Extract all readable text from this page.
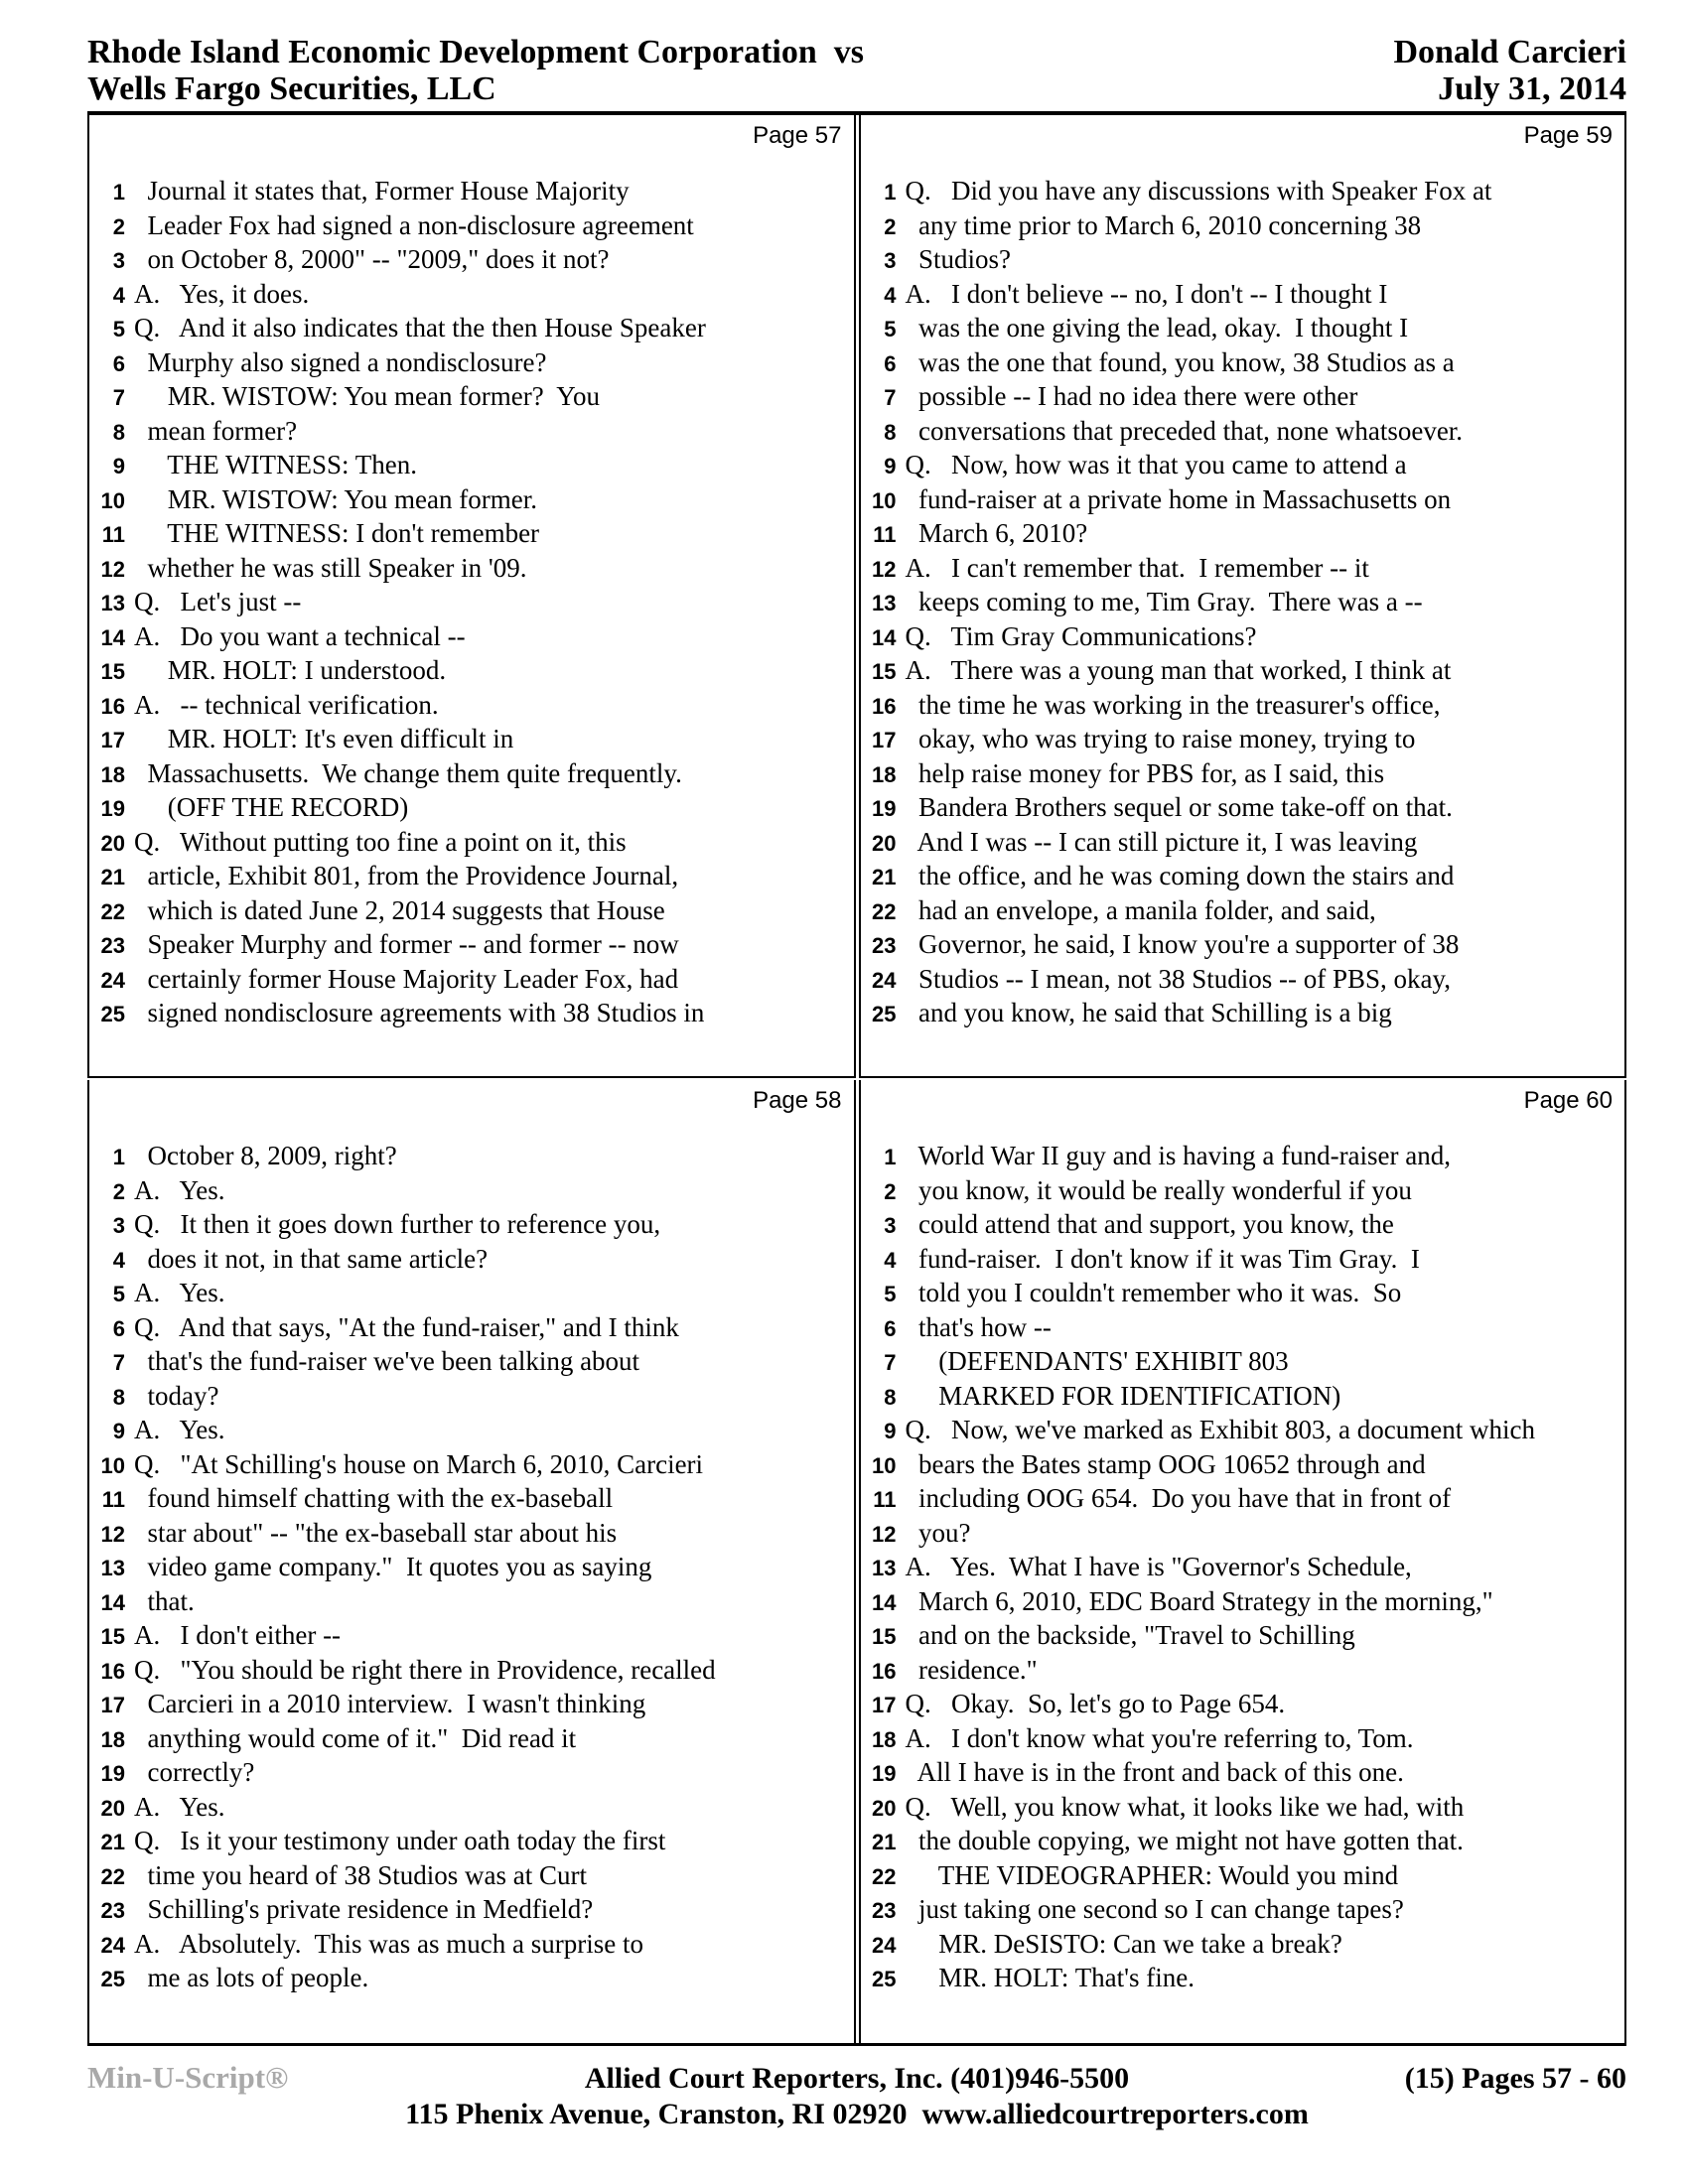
Rhode Island Economic Development Corporation  vs
Wells Fargo Securities, LLC
Donald Carcieri
July 31, 2014
Page 57
1 Journal it states that, Former House Majority
2 Leader Fox had signed a non-disclosure agreement
3 on October 8, 2000" -- "2009," does it not?
4 A.   Yes, it does.
5 Q.   And it also indicates that the then House Speaker
6 Murphy also signed a nondisclosure?
7 MR. WISTOW: You mean former?  You
8 mean former?
9 THE WITNESS: Then.
10 MR. WISTOW: You mean former.
11 THE WITNESS: I don't remember
12 whether he was still Speaker in '09.
13 Q.   Let's just --
14 A.   Do you want a technical --
15 MR. HOLT: I understood.
16 A.   -- technical verification.
17 MR. HOLT: It's even difficult in
18 Massachusetts.  We change them quite frequently.
19 (OFF THE RECORD)
20 Q.   Without putting too fine a point on it, this
21 article, Exhibit 801, from the Providence Journal,
22 which is dated June 2, 2014 suggests that House
23 Speaker Murphy and former -- and former -- now
24 certainly former House Majority Leader Fox, had
25 signed nondisclosure agreements with 38 Studios in
Page 59
1 Q.   Did you have any discussions with Speaker Fox at
2 any time prior to March 6, 2010 concerning 38
3 Studios?
4 A.   I don't believe -- no, I don't -- I thought I
5 was the one giving the lead, okay.  I thought I
6 was the one that found, you know, 38 Studios as a
7 possible -- I had no idea there were other
8 conversations that preceded that, none whatsoever.
9 Q.   Now, how was it that you came to attend a
10 fund-raiser at a private home in Massachusetts on
11 March 6, 2010?
12 A.   I can't remember that.  I remember -- it
13 keeps coming to me, Tim Gray.  There was a --
14 Q.   Tim Gray Communications?
15 A.   There was a young man that worked, I think at
16 the time he was working in the treasurer's office,
17 okay, who was trying to raise money, trying to
18 help raise money for PBS for, as I said, this
19 Bandera Brothers sequel or some take-off on that.
20 And I was -- I can still picture it, I was leaving
21 the office, and he was coming down the stairs and
22 had an envelope, a manila folder, and said,
23 Governor, he said, I know you're a supporter of 38
24 Studios -- I mean, not 38 Studios -- of PBS, okay,
25 and you know, he said that Schilling is a big
Page 58
1 October 8, 2009, right?
2 A.   Yes.
3 Q.   It then it goes down further to reference you,
4 does it not, in that same article?
5 A.   Yes.
6 Q.   And that says, "At the fund-raiser," and I think
7 that's the fund-raiser we've been talking about
8 today?
9 A.   Yes.
10 Q.   "At Schilling's house on March 6, 2010, Carcieri
11 found himself chatting with the ex-baseball
12 star about" -- "the ex-baseball star about his
13 video game company."  It quotes you as saying
14 that.
15 A.   I don't either --
16 Q.   "You should be right there in Providence, recalled
17 Carcieri in a 2010 interview.  I wasn't thinking
18 anything would come of it."  Did read it
19 correctly?
20 A.   Yes.
21 Q.   Is it your testimony under oath today the first
22 time you heard of 38 Studios was at Curt
23 Schilling's private residence in Medfield?
24 A.   Absolutely.  This was as much a surprise to
25 me as lots of people.
Page 60
1 World War II guy and is having a fund-raiser and,
2 you know, it would be really wonderful if you
3 could attend that and support, you know, the
4 fund-raiser.  I don't know if it was Tim Gray.  I
5 told you I couldn't remember who it was.  So
6 that's how --
7 (DEFENDANTS' EXHIBIT 803
8 MARKED FOR IDENTIFICATION)
9 Q.   Now, we've marked as Exhibit 803, a document which
10 bears the Bates stamp OOG 10652 through and
11 including OOG 654.  Do you have that in front of
12 you?
13 A.   Yes.  What I have is "Governor's Schedule,
14 March 6, 2010, EDC Board Strategy in the morning,"
15 and on the backside, "Travel to Schilling
16 residence."
17 Q.   Okay.  So, let's go to Page 654.
18 A.   I don't know what you're referring to, Tom.
19 All I have is in the front and back of this one.
20 Q.   Well, you know what, it looks like we had, with
21 the double copying, we might not have gotten that.
22 THE VIDEOGRAPHER: Would you mind
23 just taking one second so I can change tapes?
24 MR. DeSISTO: Can we take a break?
25 MR. HOLT: That's fine.
Min-U-Script®	Allied Court Reporters, Inc. (401)946-5500	(15) Pages 57 - 60
115 Phenix Avenue, Cranston, RI 02920  www.alliedcourtreporters.com
